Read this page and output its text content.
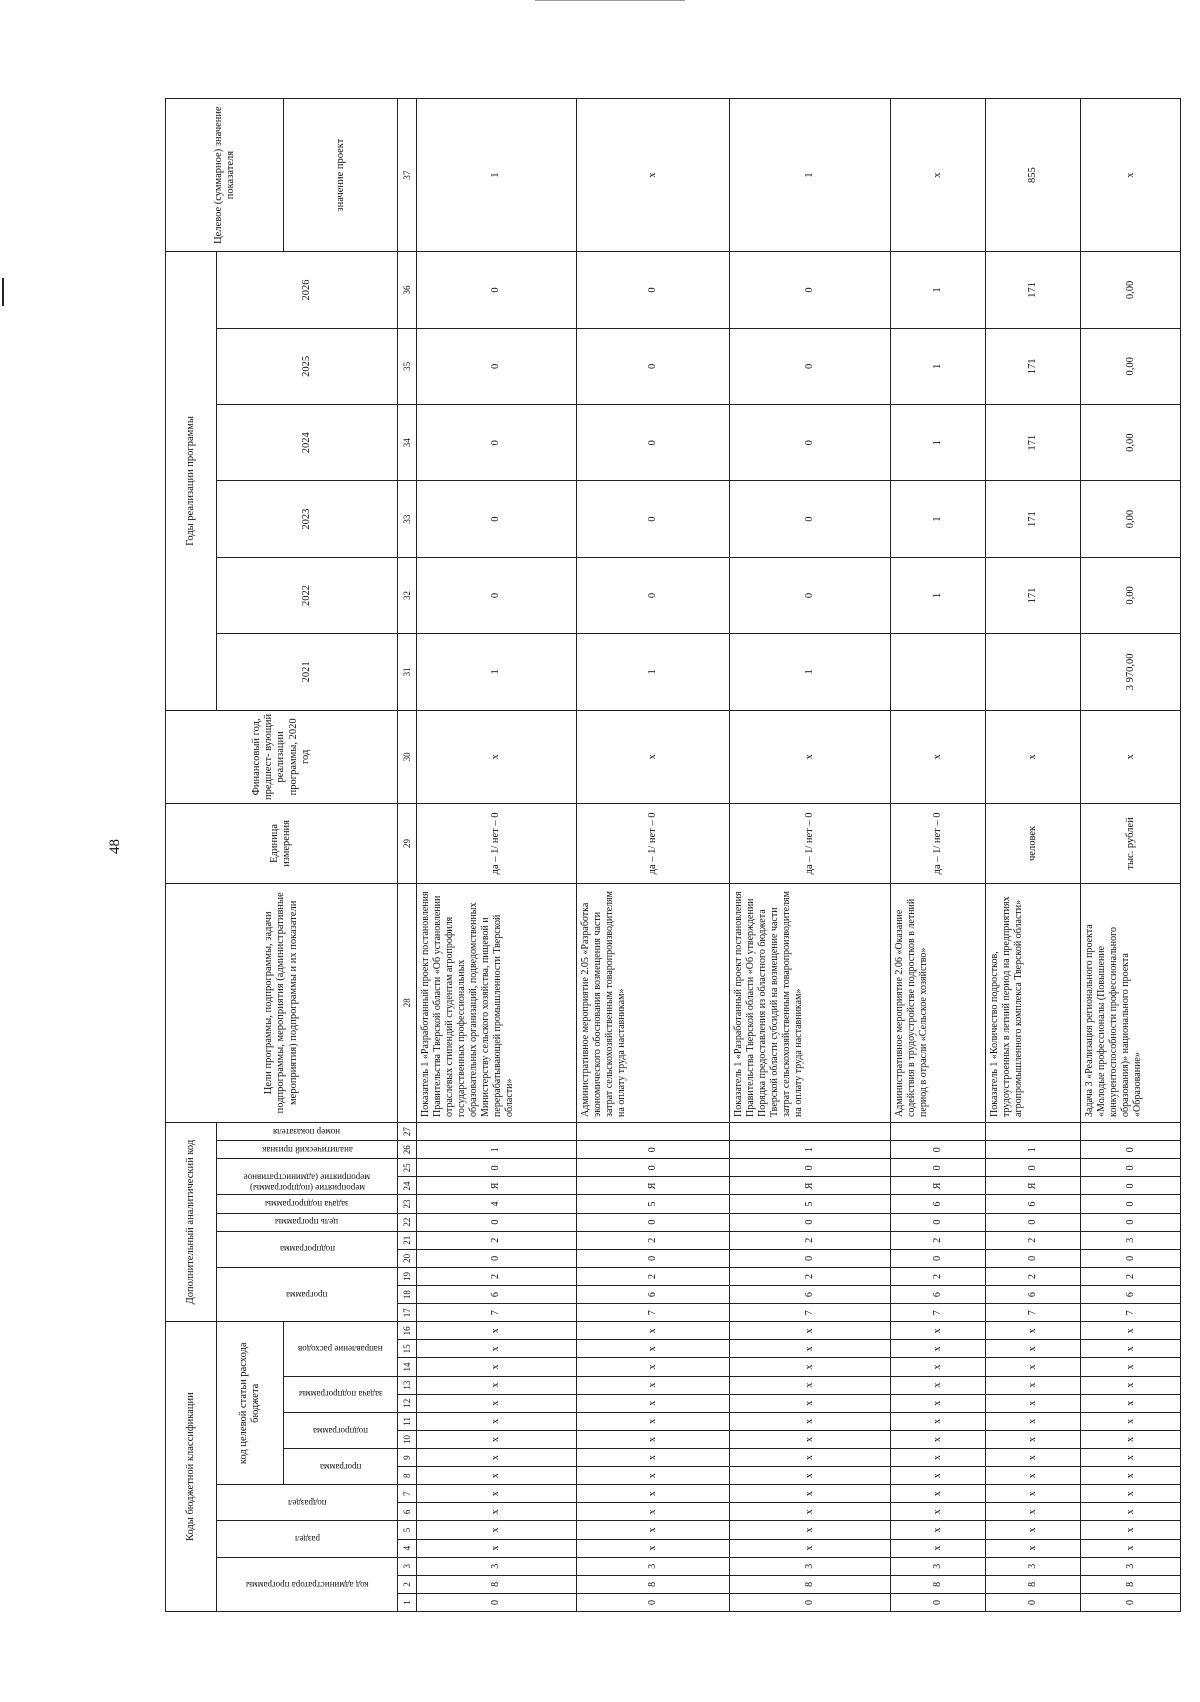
48
Коды бюджетной классификации																Дополнительный аналитический код											Цели программы, подпрограммы, задачи подпрограммы, мероприятия (административные мероприятия) подпрограммы и их показатели	Единица измерения	Финансовый год, предшест- вующий реализации программы, 2020 год	Годы реализации программы						Целевое (суммарное) значение показателя

код администратора программы			раздел		подраздел		код целевой статьи расхода бюджета									программа			подпрограмма		цель программы	задача подпрограммы	мероприятие (подпрограммы) мероприятие (административное		аналитический признак	номер показателя				2021	2022	2023	2024	2025	2026	

							программа		подпрограмма		задача подпрограммы		направление расходов																							значение проект
1	2	3	4	5	6	7	8	9	10	11	12	13	14	15	16	17	18	19	20	21	22	23	24	25	26	27	28	29	30	31	32	33	34	35	36	37
0	8	3	x	x	x	x	x	x	x	x	x	x	x	x	x	7	6	2	0	2	0	4	Я	0	1		Показатель 1 «Разработанный проект постановления Правительства Тверской области «Об установлении отраслевых стипендий студентам агропрофиля государственных профессиональных образовательных организаций, подведомственных Министерству сельского хозяйства, пищевой и перерабатывающей промышленности Тверской области»	да – 1/ нет – 0	x	1	0	0	0	0	0	1
0	8	3	x	x	x	x	x	x	x	x	x	x	x	x	x	7	6	2	0	2	0	5	Я	0	0		Административное мероприятие 2.05 «Разработка экономического обоснования возмещения части затрат сельскохозяйственным товаропроизводителям на оплату труда наставникам»	да – 1/ нет – 0	x	1	0	0	0	0	0	x
0	8	3	x	x	x	x	x	x	x	x	x	x	x	x	x	7	6	2	0	2	0	5	Я	0	1		Показатель 1 «Разработанный проект постановления Правительства Тверской области «Об утверждении Порядка предоставления из областного бюджета Тверской области субсидий на возмещение части затрат сельскохозяйственным товаропроизводителям на оплату труда наставникам»	да – 1/ нет – 0	x	1	0	0	0	0	0	1
0	8	3	x	x	x	x	x	x	x	x	x	x	x	x	x	7	6	2	0	2	0	6	Я	0	0		Административное мероприятие 2.06 «Оказание содействия в трудоустройстве подростков в летний период в отрасли «Сельское хозяйство»	да – 1/ нет – 0	x		1	1	1	1	1	x
0	8	3	x	x	x	x	x	x	x	x	x	x	x	x	x	7	6	2	0	2	0	6	Я	0	1		Показатель 1 «Количество подростков, трудоустроенных в летний период на предприятиях агропромышленного комплекса Тверской области»	человек	x		171	171	171	171	171	855
0	8	3	x	x	x	x	x	x	x	x	x	x	x	x	x	7	6	2	0	3	0	0	0	0	0		Задача 3 «Реализация регионального проекта «Молодые профессионалы (Повышение конкурентоспособности профессионального образования)» национального проекта «Образование»	тыс. рублей	x	3 970,00	0,00	0,00	0,00	0,00	0,00	x
